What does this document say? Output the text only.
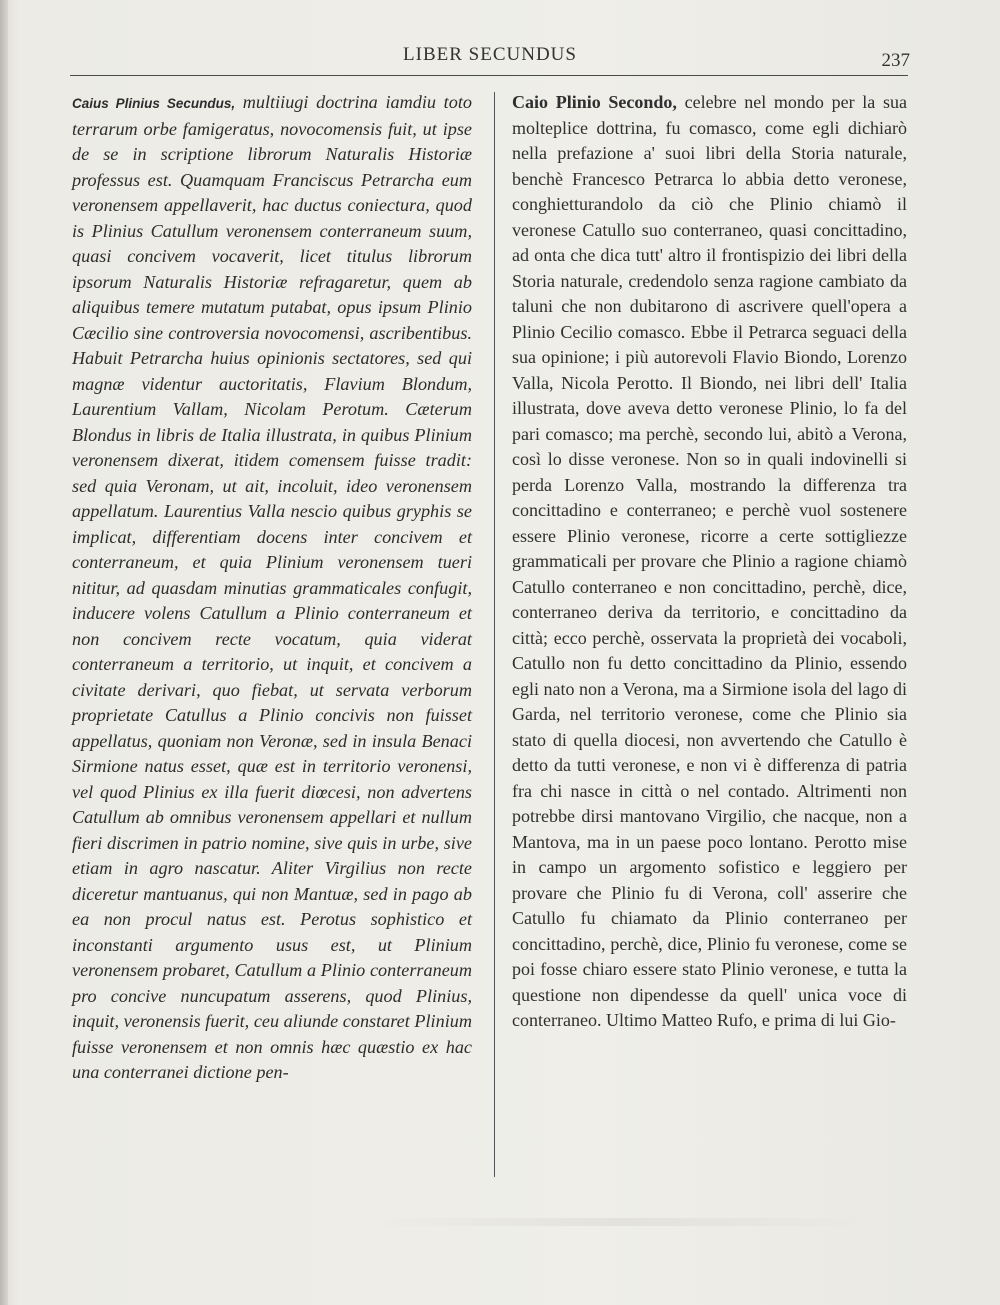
LIBER SECUNDUS	237

Caius Plinius Secundus, multiiugi doctrina iamdiu toto terrarum orbe famigeratus, novocomensis fuit, ut ipse de se in scriptione librorum Naturalis Historiæ professus est. Quamquam Franciscus Petrarcha eum veronensem appellaverit, hac ductus coniectura, quod is Plinius Catullum veronensem conterraneum suum, quasi concivem vocaverit, licet titulus librorum ipsorum Naturalis Historiæ refragaretur, quem ab aliquibus temere mutatum putabat, opus ipsum Plinio Cæcilio sine controversia novocomensi, ascribentibus. Habuit Petrarcha huius opinionis sectatores, sed qui magnæ videntur auctoritatis, Flavium Blondum, Laurentium Vallam, Nicolam Perotum. Cæterum Blondus in libris de Italia illustrata, in quibus Plinium veronensem dixerat, itidem comensem fuisse tradit: sed quia Veronam, ut ait, incoluit, ideo veronensem appellatum. Laurentius Valla nescio quibus gryphis se implicat, differentiam docens inter concivem et conterraneum, et quia Plinium veronensem tueri nititur, ad quasdam minutias grammaticales confugit, inducere volens Catullum a Plinio conterraneum et non concivem recte vocatum, quia viderat conterraneum a territorio, ut inquit, et concivem a civitate derivari, quo fiebat, ut servata verborum proprietate Catullus a Plinio concivis non fuisset appellatus, quoniam non Veronæ, sed in insula Benaci Sirmione natus esset, quæ est in territorio veronensi, vel quod Plinius ex illa fuerit diœcesi, non advertens Catullum ab omnibus veronensem appellari et nullum fieri discrimen in patrio nomine, sive quis in urbe, sive etiam in agro nascatur. Aliter Virgilius non recte diceretur mantuanus, qui non Mantuæ, sed in pago ab ea non procul natus est. Perotus sophistico et inconstanti argumento usus est, ut Plinium veronensem probaret, Catullum a Plinio conterraneum pro concive nuncupatum asserens, quod Plinius, inquit, veronensis fuerit, ceu aliunde constaret Plinium fuisse veronensem et non omnis hæc quæstio ex hac una conterranei dictione pen-

Caio Plinio Secondo, celebre nel mondo per la sua molteplice dottrina, fu comasco, come egli dichiarò nella prefazione a' suoi libri della Storia naturale, benchè Francesco Petrarca lo abbia detto veronese, congh​ietturandolo da ciò che Plinio chiamò il veronese Catullo suo conterraneo, quasi concittadino, ad onta che dica tutt' altro il frontispizio dei libri della Storia naturale, credendolo senza ragione cambiato da taluni che non dubitarono di ascrivere quell'opera a Plinio Cecilio comasco. Ebbe il Petrarca seguaci della sua opinione; i più autorevoli Flavio Biondo, Lorenzo Valla, Nicola Perotto. Il Biondo, nei libri dell' Italia illustrata, dove aveva detto veronese Plinio, lo fa del pari comasco; ma perchè, secondo lui, abitò a Verona, così lo disse veronese. Non so in quali indovinelli si perda Lorenzo Valla, mostrando la differenza tra concittadino e conterraneo; e perchè vuol sostenere essere Plinio veronese, ricorre a certe sottigliezze grammaticali per provare che Plinio a ragione chiamò Catullo conterraneo e non concittadino, perchè, dice, conterraneo deriva da territorio, e concittadino da città; ecco perchè, osservata la proprietà dei vocaboli, Catullo non fu detto concittadino da Plinio, essendo egli nato non a Verona, ma a Sirmione isola del lago di Garda, nel territorio veronese, come che Plinio sia stato di quella diocesi, non avvertendo che Catullo è detto da tutti veronese, e non vi è differenza di patria fra chi nasce in città o nel contado. Altrimenti non potrebbe dirsi mantovano Virgilio, che nacque, non a Mantova, ma in un paese poco lontano. Perotto mise in campo un argomento sofistico e leggiero per provare che Plinio fu di Verona, coll' asserire che Catullo fu chiamato da Plinio conterraneo per concittadino, perchè, dice, Plinio fu veronese, come se poi fosse chiaro essere stato Plinio veronese, e tutta la questione non dipendesse da quell' unica voce di conterraneo. Ultimo Matteo Rufo, e prima di lui Gio-
